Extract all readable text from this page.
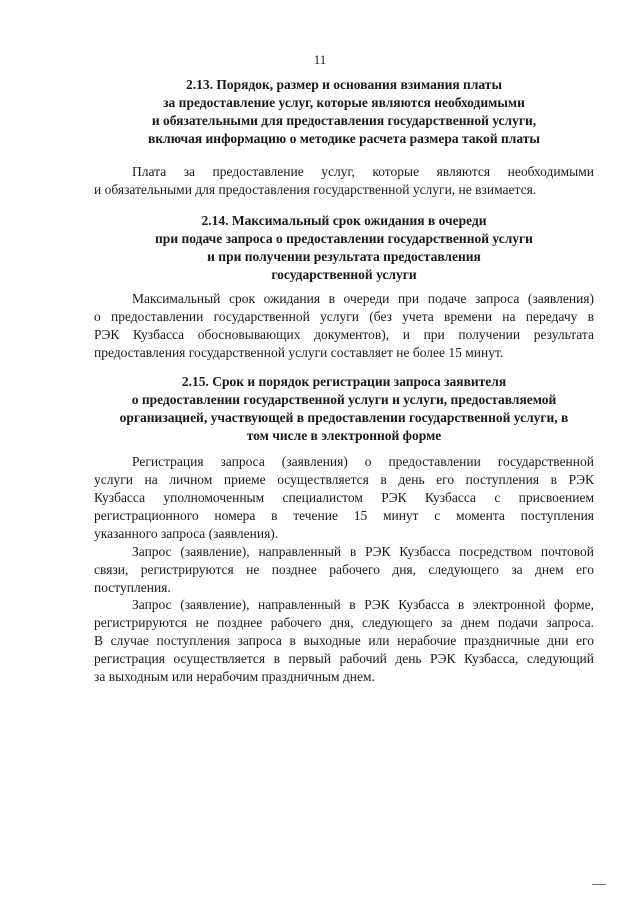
11
2.13. Порядок, размер и основания взимания платы
за предоставление услуг, которые являются необходимыми
и обязательными для предоставления государственной услуги,
включая информацию о методике расчета размера такой платы
Плата за предоставление услуг, которые являются необходимыми
и обязательными для предоставления государственной услуги, не взимается.
2.14. Максимальный срок ожидания в очереди
при подаче запроса о предоставлении государственной услуги
и при получении результата предоставления
государственной услуги
Максимальный срок ожидания в очереди при подаче запроса (заявления)
о предоставлении государственной услуги (без учета времени на передачу в
РЭК Кузбасса обосновывающих документов), и при получении результата
предоставления государственной услуги составляет не более 15 минут.
2.15. Срок и порядок регистрации запроса заявителя
о предоставлении государственной услуги и услуги, предоставляемой
организацией, участвующей в предоставлении государственной услуги, в
том числе в электронной форме
Регистрация запроса (заявления) о предоставлении государственной
услуги на личном приеме осуществляется в день его поступления в РЭК
Кузбасса уполномоченным специалистом РЭК Кузбасса с присвоением
регистрационного номера в течение 15 минут с момента поступления
указанного запроса (заявления).
Запрос (заявление), направленный в РЭК Кузбасса посредством почтовой
связи, регистрируются не позднее рабочего дня, следующего за днем его
поступления.
Запрос (заявление), направленный в РЭК Кузбасса в электронной форме,
регистрируются не позднее рабочего дня, следующего за днем подачи запроса.
В случае поступления запроса в выходные или нерабочие праздничные дни его
регистрация осуществляется в первый рабочий день РЭК Кузбасса, следующий
за выходным или нерабочим праздничным днем.
